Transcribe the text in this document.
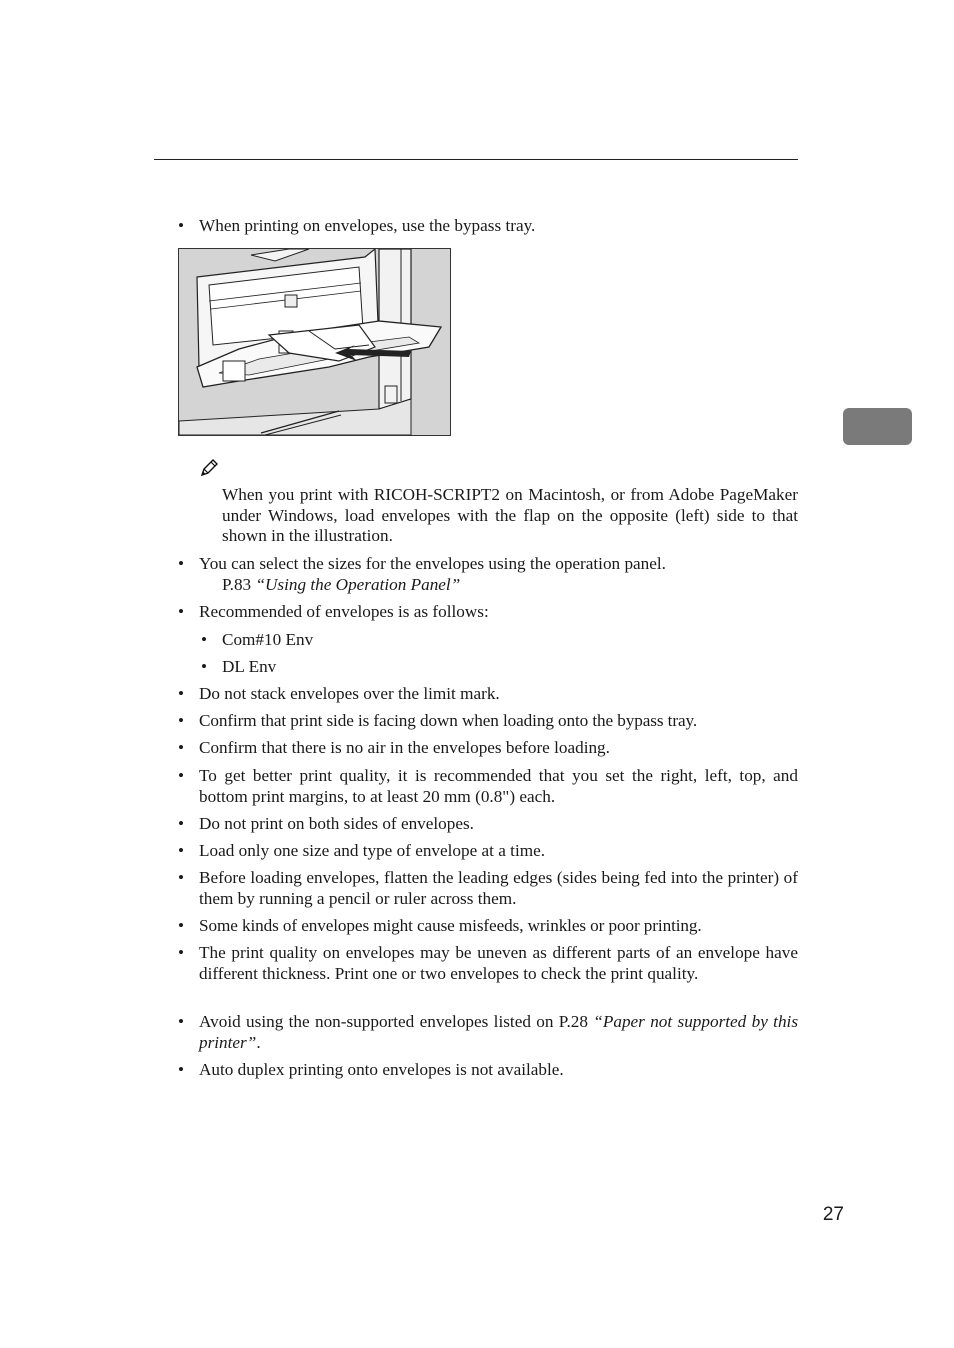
• When printing on envelopes, use the bypass tray.
When you print with RICOH-SCRIPT2 on Macintosh, or from Adobe PageMaker under Windows, load envelopes with the flap on the opposite (left) side to that shown in the illustration.
• You can select the sizes for the envelopes using the operation panel.
P.83 “Using the Operation Panel”
• Recommended of envelopes is as follows:
• Com#10 Env
• DL Env
• Do not stack envelopes over the limit mark.
• Confirm that print side is facing down when loading onto the bypass tray.
• Confirm that there is no air in the envelopes before loading.
• To get better print quality, it is recommended that you set the right, left, top, and bottom print margins, to at least 20 mm (0.8") each.
• Do not print on both sides of envelopes.
• Load only one size and type of envelope at a time.
• Before loading envelopes, flatten the leading edges (sides being fed into the printer) of them by running a pencil or ruler across them.
• Some kinds of envelopes might cause misfeeds, wrinkles or poor printing.
• The print quality on envelopes may be uneven as different parts of an envelope have different thickness. Print one or two envelopes to check the print quality.
• Avoid using the non-supported envelopes listed on P.28 “Paper not supported by this printer”.
• Auto duplex printing onto envelopes is not available.
27
